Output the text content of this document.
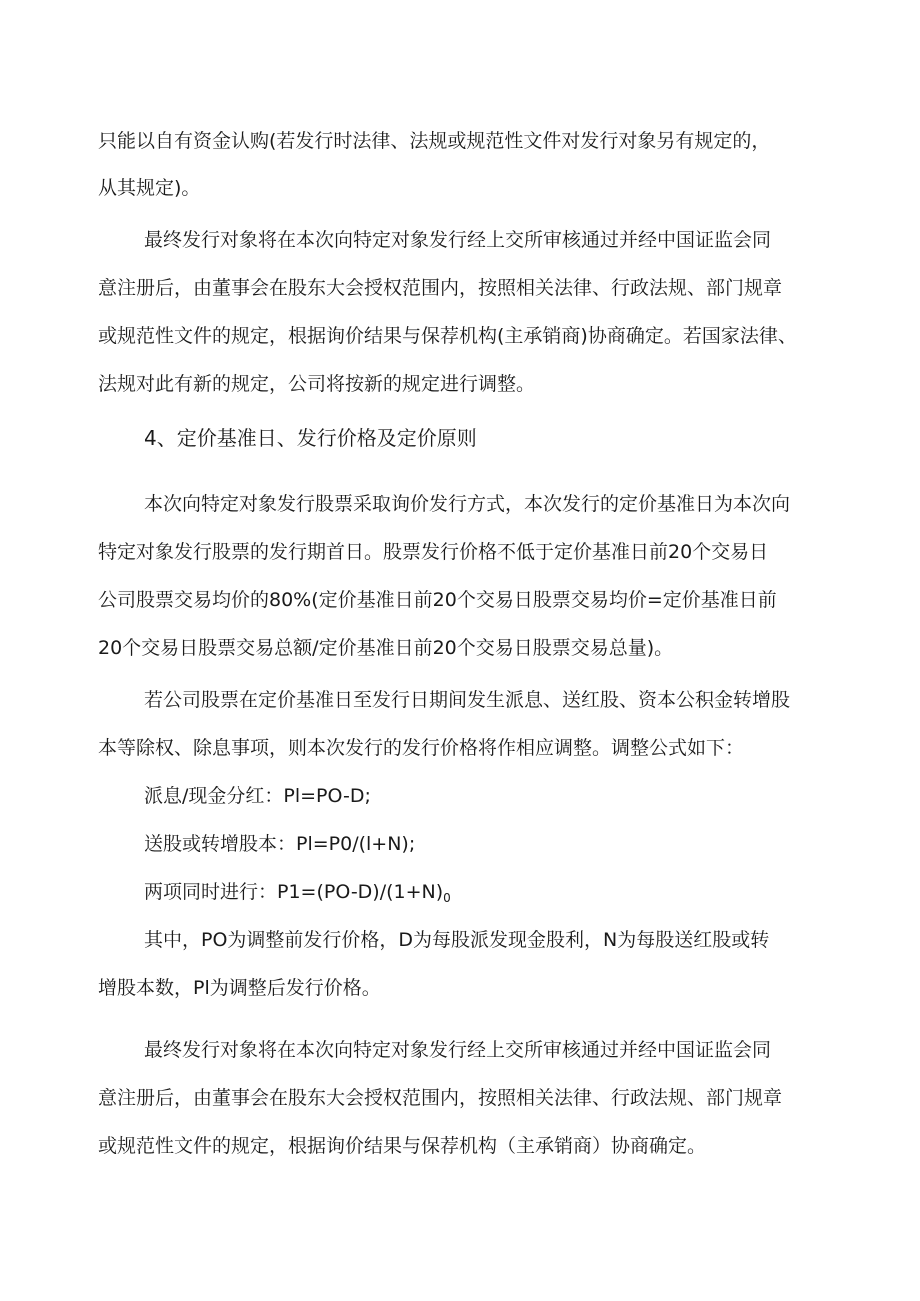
只能以自有资金认购(若发行时法律、法规或规范性文件对发行对象另有规定的，
从其规定)。
最终发行对象将在本次向特定对象发行经上交所审核通过并经中国证监会同
意注册后，由董事会在股东大会授权范围内，按照相关法律、行政法规、部门规章
或规范性文件的规定，根据询价结果与保荐机构(主承销商)协商确定。若国家法律、
法规对此有新的规定，公司将按新的规定进行调整。
4、定价基准日、发行价格及定价原则
本次向特定对象发行股票采取询价发行方式，本次发行的定价基准日为本次向
特定对象发行股票的发行期首日。股票发行价格不低于定价基准日前20个交易日
公司股票交易均价的80%(定价基准日前20个交易日股票交易均价=定价基准日前
20个交易日股票交易总额/定价基准日前20个交易日股票交易总量)。
若公司股票在定价基准日至发行日期间发生派息、送红股、资本公积金转增股
本等除权、除息事项，则本次发行的发行价格将作相应调整。调整公式如下：
派息/现金分红：Pl=PO-D;
送股或转增股本：Pl=P0/(l+N);
两项同时进行：$P1=(PO-D)/(1+N)_0$
其中，PO为调整前发行价格，D为每股派发现金股利，N为每股送红股或转
增股本数，Pl为调整后发行价格。
最终发行对象将在本次向特定对象发行经上交所审核通过并经中国证监会同
意注册后，由董事会在股东大会授权范围内，按照相关法律、行政法规、部门规章
或规范性文件的规定，根据询价结果与保荐机构（主承销商）协商确定。
